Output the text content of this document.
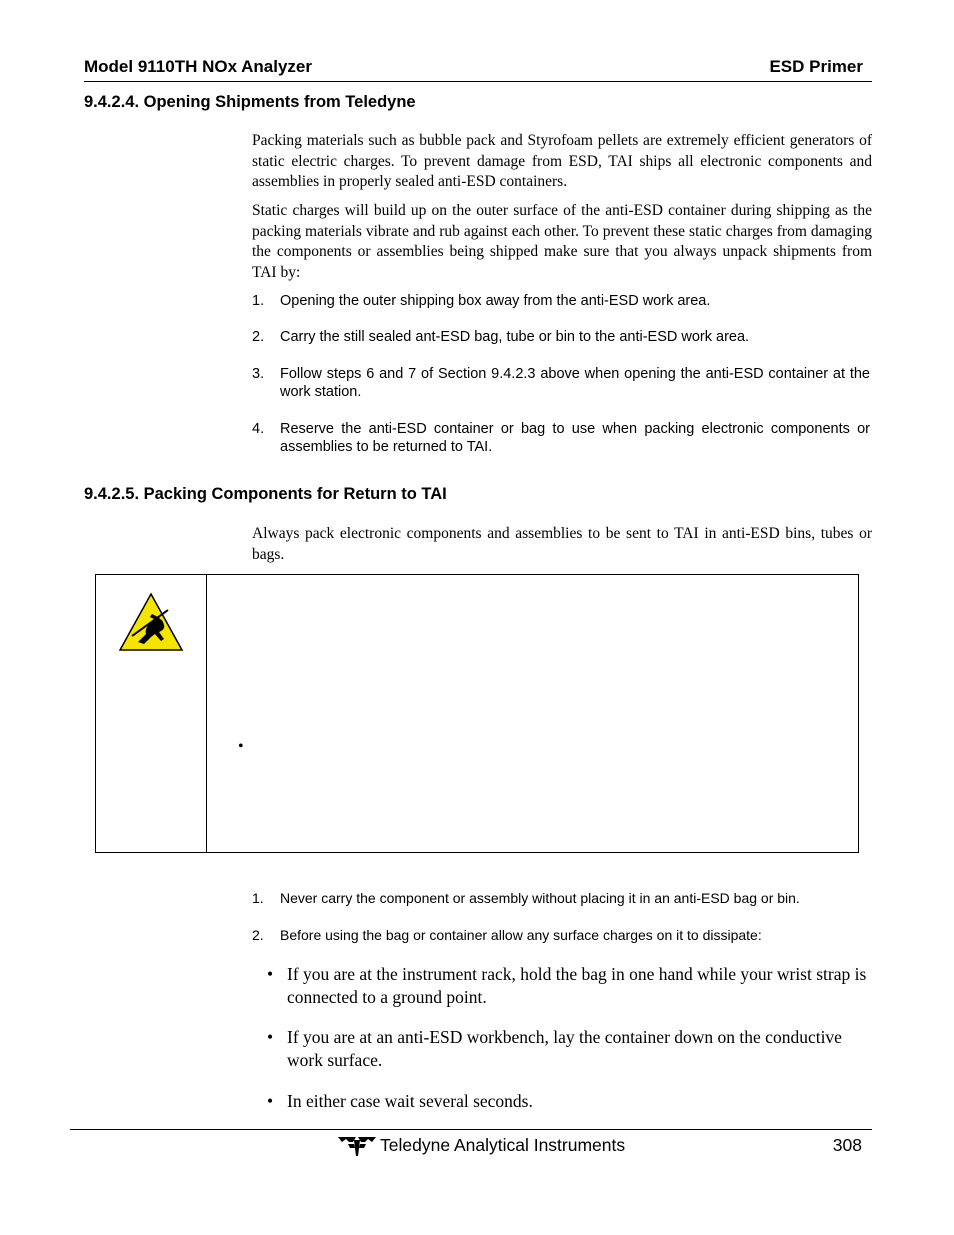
Model 9110TH NOx Analyzer	ESD Primer
9.4.2.4. Opening Shipments from Teledyne
Packing materials such as bubble pack and Styrofoam pellets are extremely efficient generators of static electric charges. To prevent damage from ESD, TAI ships all electronic components and assemblies in properly sealed anti-ESD containers.
Static charges will build up on the outer surface of the anti-ESD container during shipping as the packing materials vibrate and rub against each other. To prevent these static charges from damaging the components or assemblies being shipped make sure that you always unpack shipments from TAI by:
1. Opening the outer shipping box away from the anti-ESD work area.
2. Carry the still sealed ant-ESD bag, tube or bin to the anti-ESD work area.
3. Follow steps 6 and 7 of Section 9.4.2.3 above when opening the anti-ESD container at the work station.
4. Reserve the anti-ESD container or bag to use when packing electronic components or assemblies to be returned to TAI.
9.4.2.5. Packing Components for Return to TAI
Always pack electronic components and assemblies to be sent to TAI in anti-ESD bins, tubes or bags.
•
1. Never carry the component or assembly without placing it in an anti-ESD bag or bin.
2. Before using the bag or container allow any surface charges on it to dissipate:
• If you are at the instrument rack, hold the bag in one hand while your wrist strap is connected to a ground point.
• If you are at an anti-ESD workbench, lay the container down on the conductive work surface.
• In either case wait several seconds.
Teledyne Analytical Instruments	308
